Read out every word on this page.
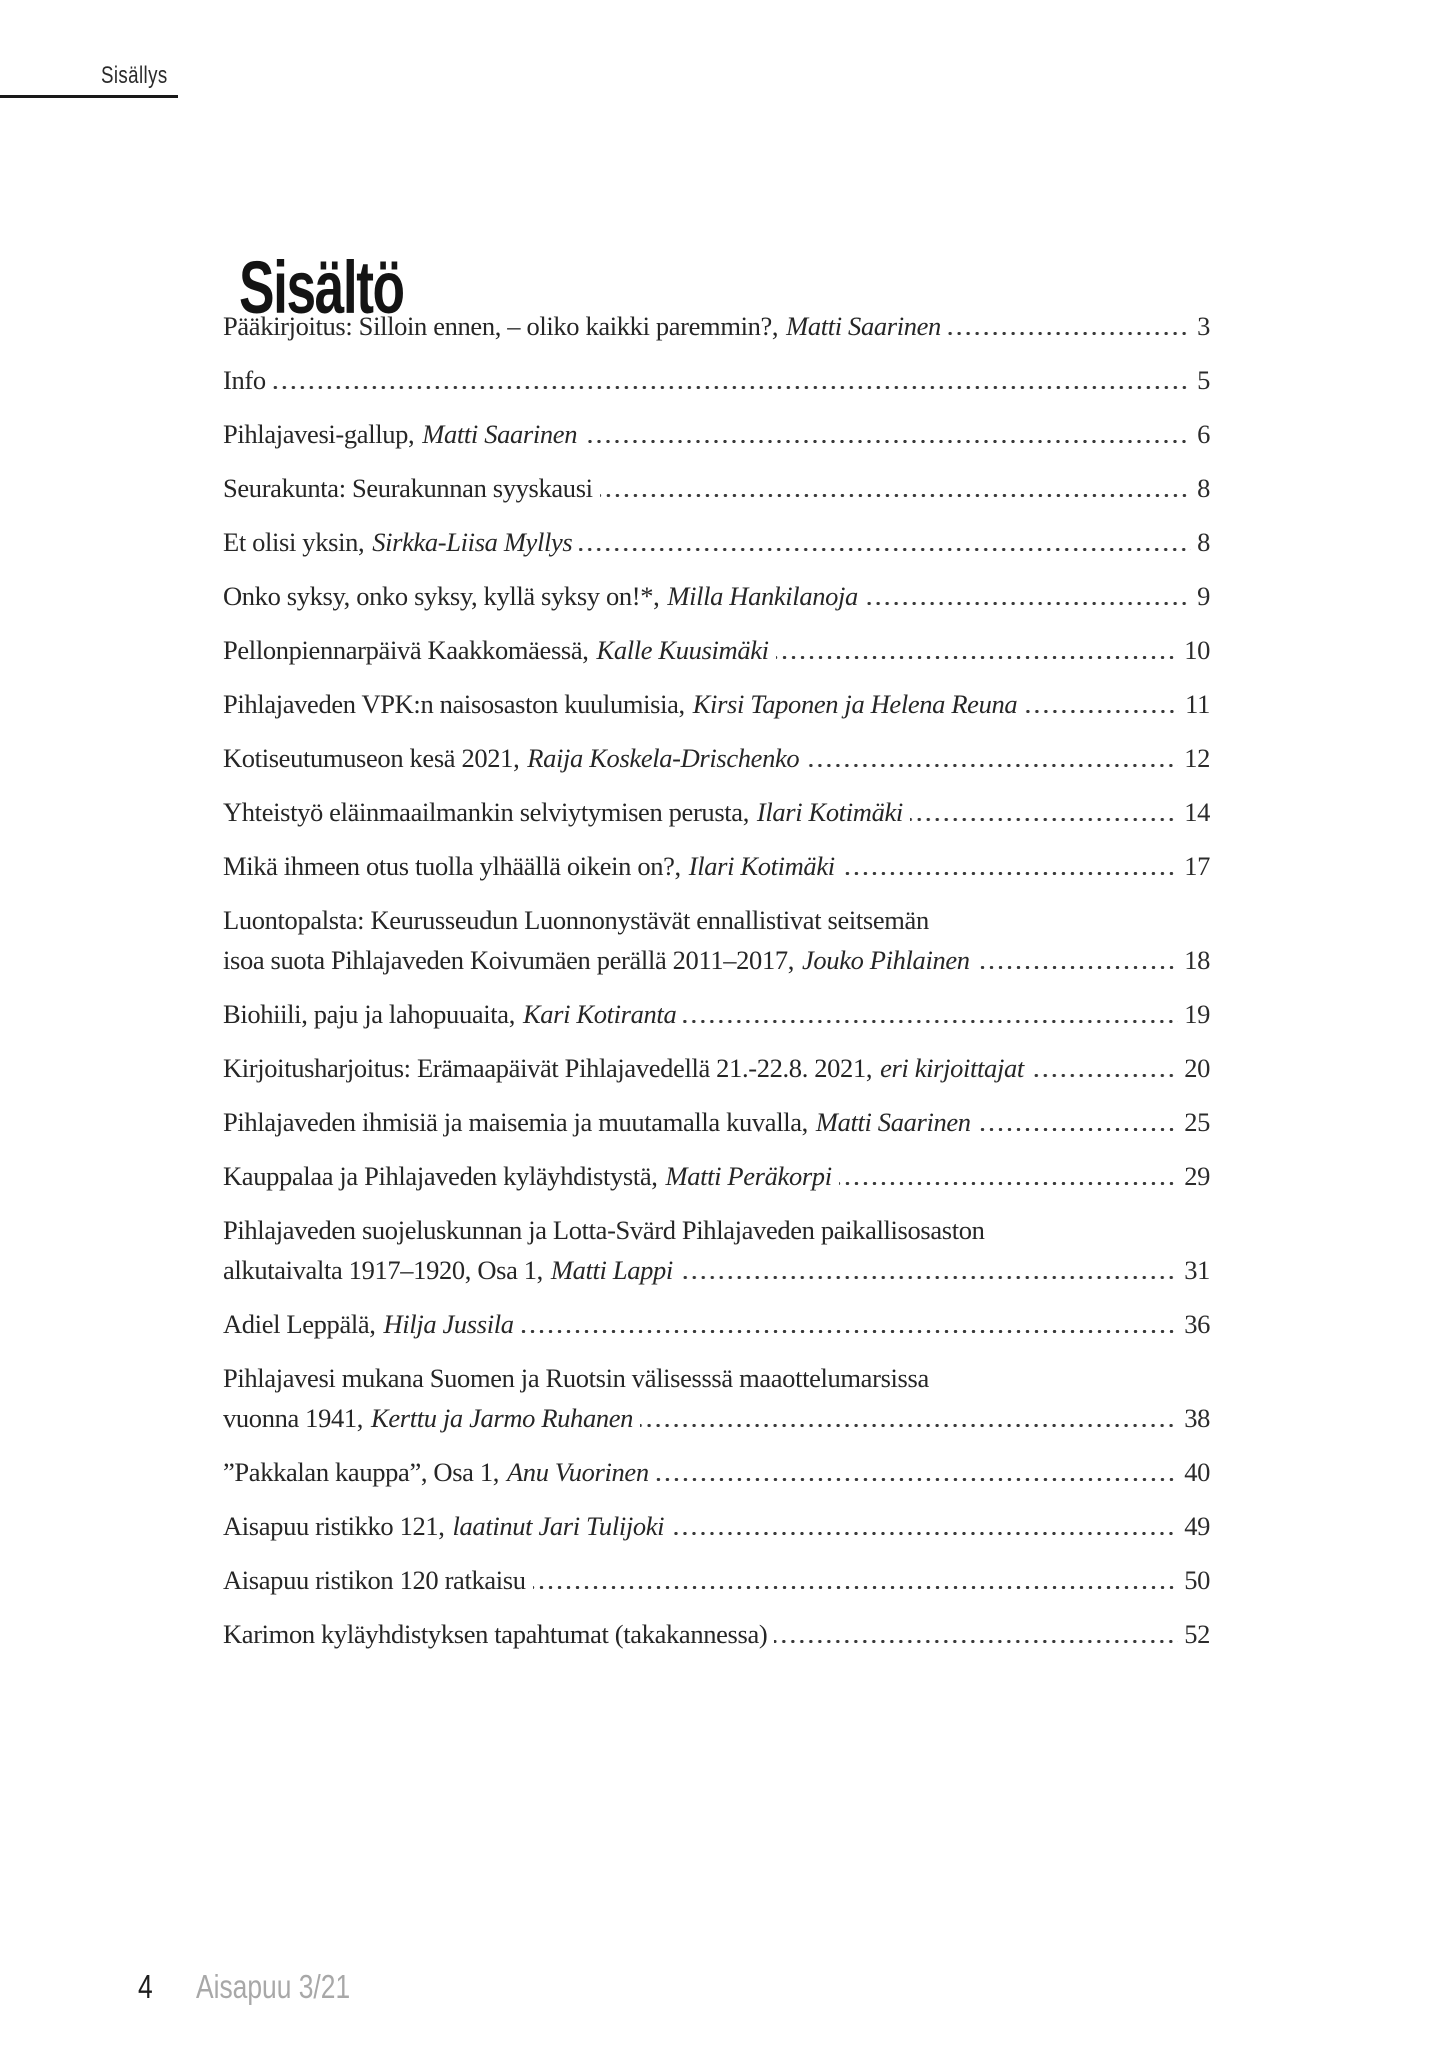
Sisällys
Sisältö
Pääkirjoitus: Silloin ennen, – oliko kaikki paremmin?, Matti Saarinen	3
Info	5
Pihlajavesi-gallup, Matti Saarinen	6
Seurakunta: Seurakunnan syyskausi	8
Et olisi yksin, Sirkka-Liisa Myllys	8
Onko syksy, onko syksy, kyllä syksy on!*, Milla Hankilanoja	9
Pellonpiennarpäivä Kaakkomäessä, Kalle Kuusimäki	10
Pihlajaveden VPK:n naisosaston kuulumisia, Kirsi Taponen ja Helena Reuna	11
Kotiseutumuseon kesä 2021, Raija Koskela-Drischenko	12
Yhteistyö eläinmaailmankin selviytymisen perusta, Ilari Kotimäki	14
Mikä ihmeen otus tuolla ylhäällä oikein on?, Ilari Kotimäki	17
Luontopalsta: Keurusseudun Luonnonystävät ennallistivat seitsemän
isoa suota Pihlajaveden Koivumäen perällä 2011–2017, Jouko Pihlainen	18
Biohiili, paju ja lahopuuaita, Kari Kotiranta	19
Kirjoitusharjoitus: Erämaapäivät Pihlajavedellä 21.-22.8. 2021, eri kirjoittajat	20
Pihlajaveden ihmisiä ja maisemia ja muutamalla kuvalla, Matti Saarinen	25
Kauppalaa ja Pihlajaveden kyläyhdistystä, Matti Peräkorpi	29
Pihlajaveden suojeluskunnan ja Lotta-Svärd Pihlajaveden paikallisosaston
alkutaivalta 1917–1920, Osa 1, Matti Lappi	31
Adiel Leppälä, Hilja Jussila	36
Pihlajavesi mukana Suomen ja Ruotsin välisesssä maaottelumarsissa
vuonna 1941, Kerttu ja Jarmo Ruhanen	38
”Pakkalan kauppa”, Osa 1, Anu Vuorinen	40
Aisapuu ristikko 121, laatinut Jari Tulijoki	49
Aisapuu ristikon 120 ratkaisu	50
Karimon kyläyhdistyksen tapahtumat (takakannessa)	52
4 Aisapuu 3/21
